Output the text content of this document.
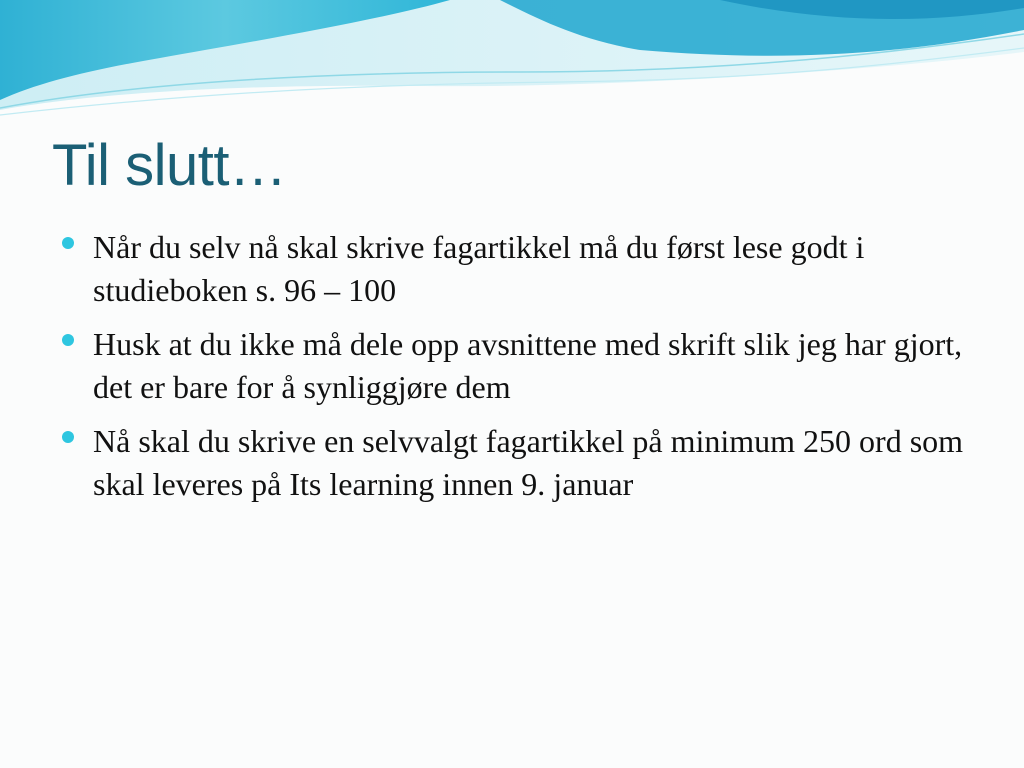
Til slutt…
Når du selv nå skal skrive fagartikkel må du først lese godt i studieboken s. 96 – 100
Husk at du ikke må dele opp avsnittene med skrift slik jeg har gjort, det er bare for å synliggjøre dem
Nå skal du skrive en selvvalgt fagartikkel på minimum 250 ord som skal leveres på Its learning innen 9. januar
